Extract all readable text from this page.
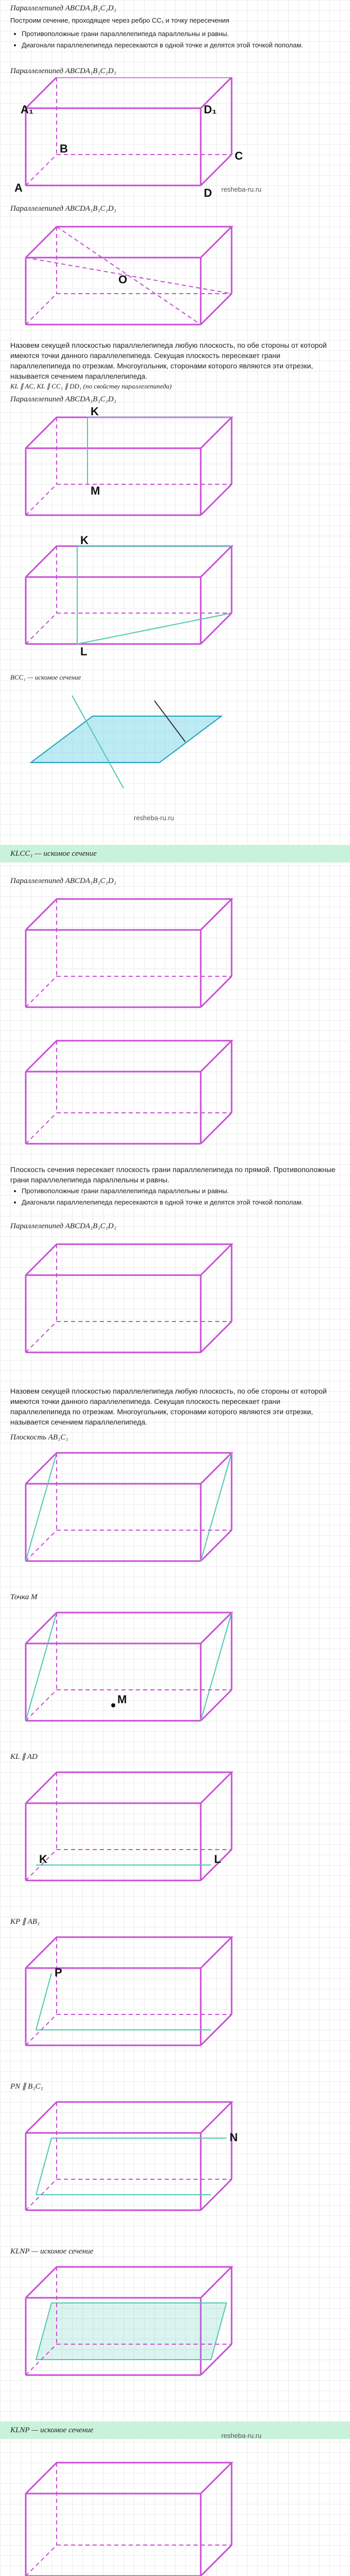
Параллелепипед ABCDA₁B₁C₁D₁
Построим сечение, проходящее через ребро CC₁ и точку пересечения
• Противоположные грани параллелепипеда параллельны и равны.
• Диагонали параллелепипеда пересекаются в одной точке и делятся этой точкой пополам.
Параллелепипед ABCDA₁B₁C₁D₁
A₁	D₁
A
B
C
D
Параллелепипед ABCDA₁B₁C₁D₁
O
Назовем секущей плоскостью параллелепипеда любую плоскость, по обе стороны от которой имеются точки данного параллелепипеда. Секущая плоскость пересекает грани параллелепипеда по отрезкам. Многоугольник, сторонами которого являются эти отрезки, называется сечением параллелепипеда.
KL ∥ AC, KL ∥ CC₁ ∥ DD₁ (по свойству параллелепипеда)
Параллелепипед ABCDA₁B₁C₁D₁
K
M
K
L
BCC₁ — искомое сечение
KLCC₁ — искомое сечение
Параллелепипед ABCDA₁B₁C₁D₁
Плоскость сечения пересекает плоскость грани параллелепипеда по прямой. Противоположные грани параллелепипеда параллельны и равны.
• Противоположные грани параллелепипеда параллельны и равны.
• Диагонали параллелепипеда пересекаются в одной точке и делятся этой точкой пополам.
Параллелепипед ABCDA₁B₁C₁D₁
Назовем секущей плоскостью параллелепипеда любую плоскость, по обе стороны от которой имеются точки данного параллелепипеда. Секущая плоскость пересекает грани параллелепипеда по отрезкам. Многоугольник, сторонами которого являются эти отрезки, называется сечением параллелепипеда.
Плоскость AB₁C₁
Точка M
M
KL ∥ AD
K	L
KP ∥ AB₁
P
PN ∥ B₁C₁
N
KLNP — искомое сечение
KLNP — искомое сечение
resheba-ru.ru
resheba-ru.ru
resheba-ru.ru
